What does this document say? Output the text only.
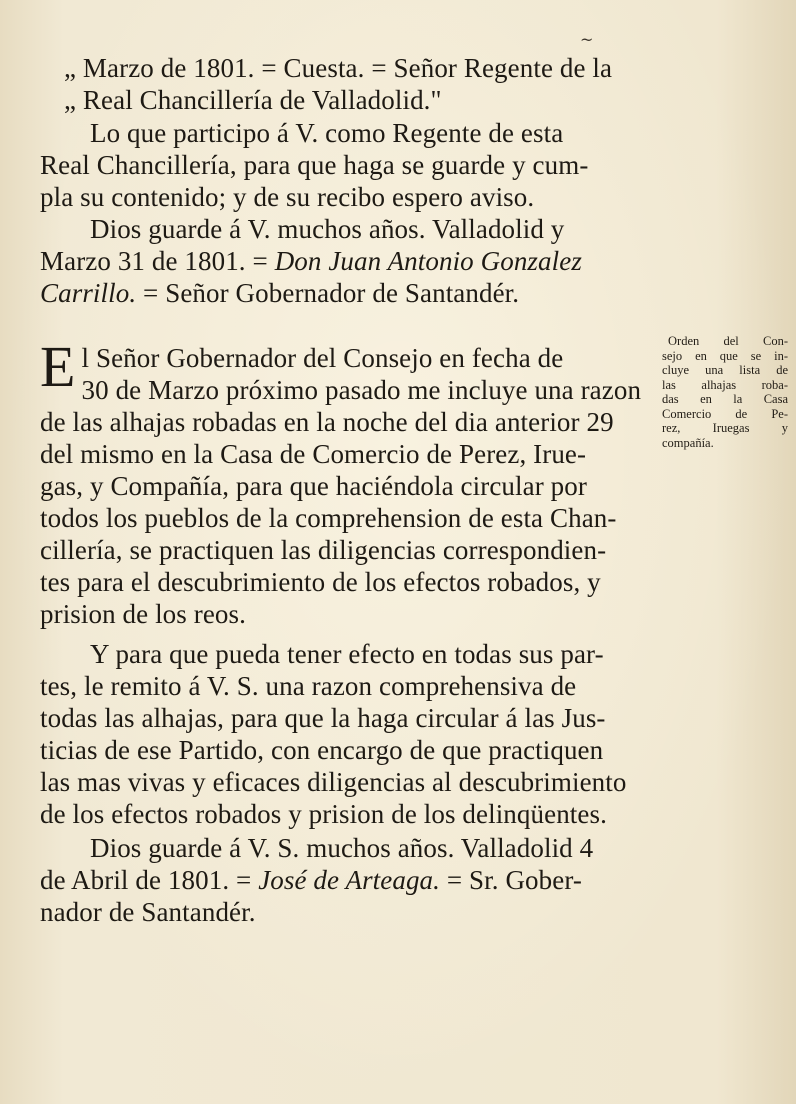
~
„ Marzo de 1801. = Cuesta. = Señor Regente de la
„ Real Chancillería de Valladolid."
Lo que participo á V. como Regente de esta
Real Chancillería, para que haga se guarde y cum-
pla su contenido; y de su recibo espero aviso.
Dios guarde á V. muchos años. Valladolid y
Marzo 31 de 1801. = Don Juan Antonio Gonzalez
Carrillo. = Señor Gobernador de Santandér.
E l Señor Gobernador del Consejo en fecha de
30 de Marzo próximo pasado me incluye una razon
de las alhajas robadas en la noche del dia anterior 29
del mismo en la Casa de Comercio de Perez, Irue-
gas, y Compañía, para que haciéndola circular por
todos los pueblos de la comprehension de esta Chan-
cillería, se practiquen las diligencias correspondien-
tes para el descubrimiento de los efectos robados, y
prision de los reos.
Y para que pueda tener efecto en todas sus par-
tes, le remito á V. S. una razon comprehensiva de
todas las alhajas, para que la haga circular á las Jus-
ticias de ese Partido, con encargo de que practiquen
las mas vivas y eficaces diligencias al descubrimiento
de los efectos robados y prision de los delinqüentes.
Dios guarde á V. S. muchos años. Valladolid 4
de Abril de 1801. = José de Arteaga. = Sr. Gober-
nador de Santandér.
Orden del Con-
sejo en que se in-
cluye una lista de
las alhajas roba-
das en la Casa
Comercio de Pe-
rez, Iruegas y
compañía.
